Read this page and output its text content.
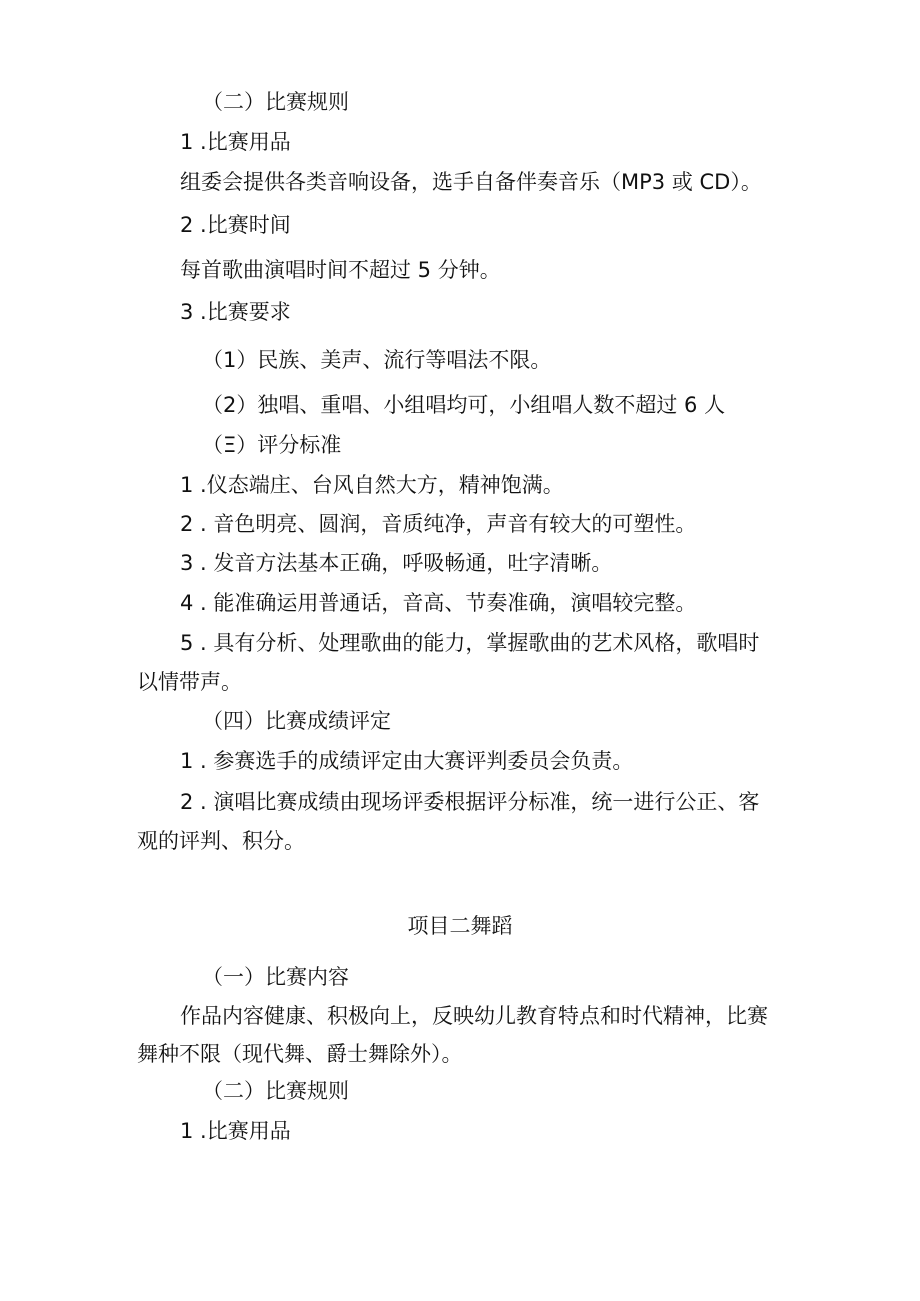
（二）比赛规则

1 .比赛用品

组委会提供各类音响设备，选手自备伴奏音乐（MP3 或 CD）。

2 .比赛时间

每首歌曲演唱时间不超过 5 分钟。

3 .比赛要求

（1）民族、美声、流行等唱法不限。

（2）独唱、重唱、小组唱均可，小组唱人数不超过 6 人

（Ξ）评分标准

1 .仪态端庄、台风自然大方，精神饱满。

2 . 音色明亮、圆润，音质纯净，声音有较大的可塑性。

3 . 发音方法基本正确，呼吸畅通，吐字清晰。

4 . 能准确运用普通话，音高、节奏准确，演唱较完整。

5 . 具有分析、处理歌曲的能力，掌握歌曲的艺术风格，歌唱时

以情带声。

（四）比赛成绩评定

1 . 参赛选手的成绩评定由大赛评判委员会负责。

2 . 演唱比赛成绩由现场评委根据评分标准，统一进行公正、客

观的评判、积分。

项目二舞蹈

（一）比赛内容

作品内容健康、积极向上，反映幼儿教育特点和时代精神，比赛

舞种不限（现代舞、爵士舞除外）。

（二）比赛规则

1 .比赛用品
